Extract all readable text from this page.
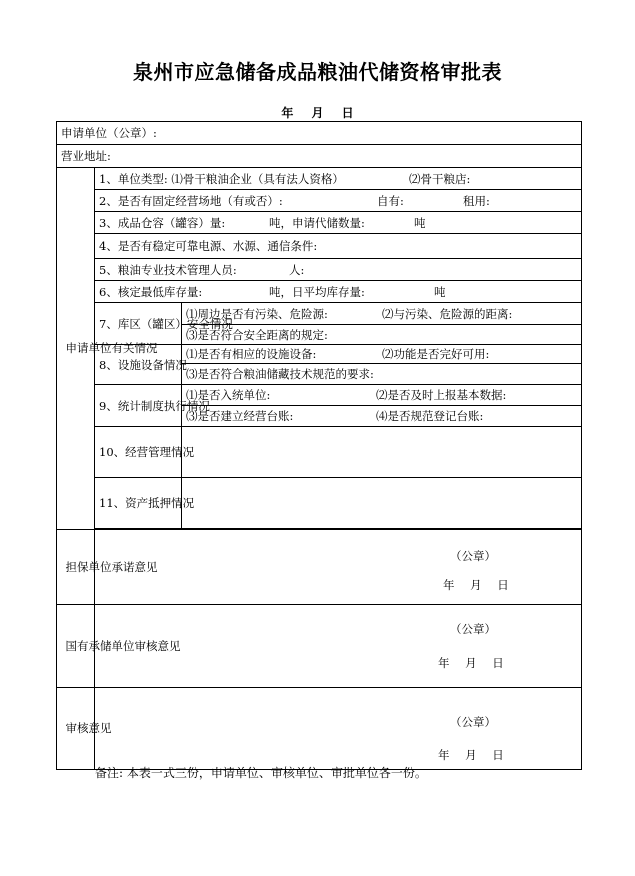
泉州市应急储备成品粮油代储资格审批表
年 月 日
申请单位（公章）:		
营业地址:		
申请单位有关情况	1、单位类型: ⑴骨干粮油企业（具有法人资格） ⑵骨干粮店:	
	2、是否有固定经营场地（有或否）: 自有: 租用:	
	3、成品仓容（罐容）量: 吨，申请代储数量: 吨	
	4、是否有稳定可靠电源、水源、通信条件:	
	5、粮油专业技术管理人员: 人:	
	6、核定最低库存量: 吨，日平均库存量: 吨	
	7、库区（罐区）安全情况	⑴周边是否有污染、危险源: ⑵与污染、危险源的距离:
		⑶是否符合安全距离的规定:
	8、设施设备情况	⑴是否有相应的设施设备: ⑵功能是否完好可用:
		⑶是否符合粮油储藏技术规范的要求:
	9、统计制度执行情况	⑴是否入统单位: ⑵是否及时上报基本数据:
		⑶是否建立经营台账: ⑷是否规范登记台账:
	10、经营管理情况	
	11、资产抵押情况	

担保单位承诺意见	（公章）
年 月 日	

国有承储单位审核意见	（公章）
年 月 日	

审核意见	（公章）
年 月 日	
备注: 本表一式三份，申请单位、审核单位、审批单位各一份。
